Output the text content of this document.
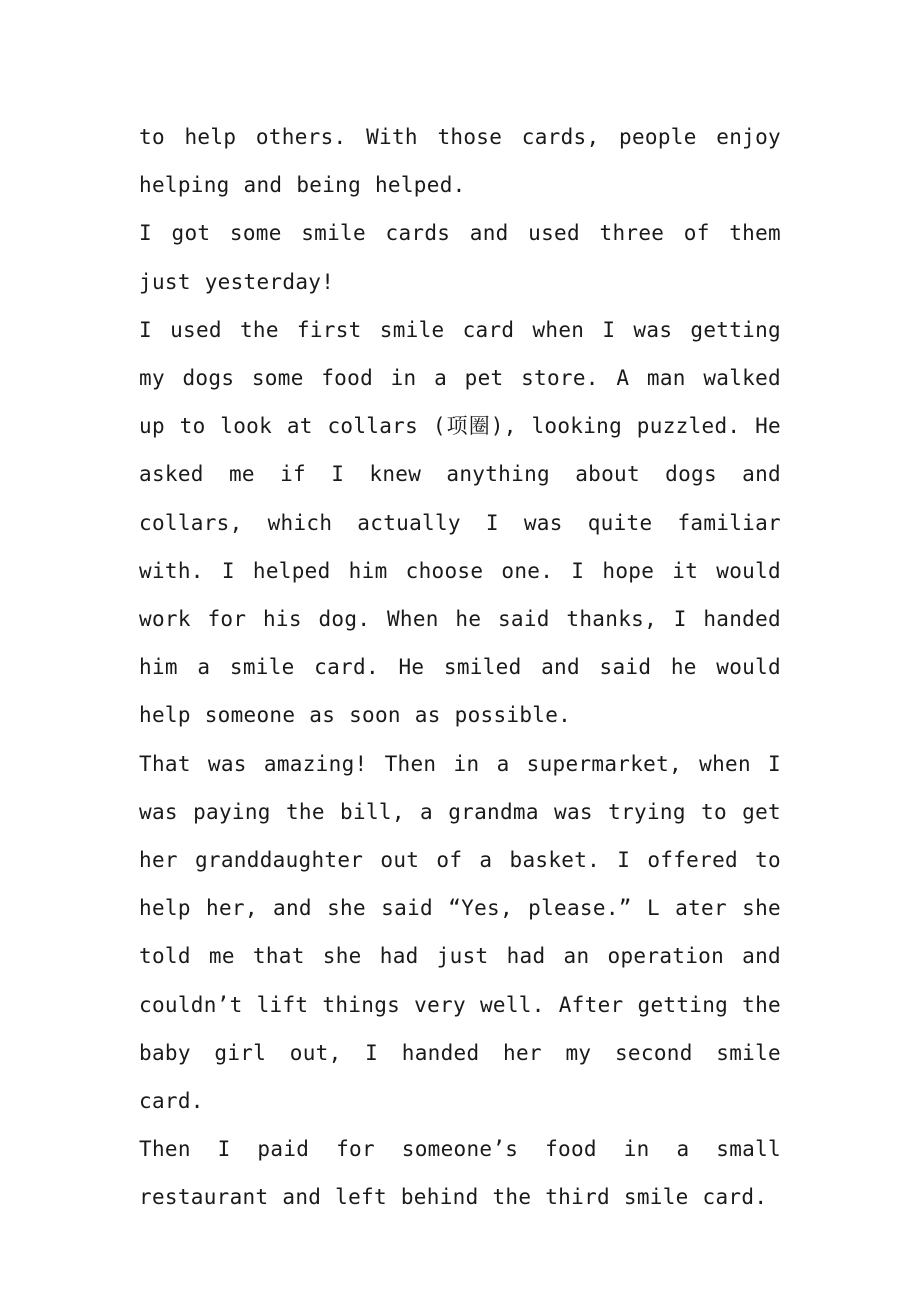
to help others. With those cards, people enjoy helping and being helped.

I got some smile cards and used three of them just yesterday!

I used the first smile card when I was getting my dogs some food in a pet store. A man walked up to look at collars (项圈), looking puzzled. He asked me if I knew anything about dogs and collars, which actually I was quite familiar with. I helped him choose one. I hope it would work for his dog. When he said thanks, I handed him a smile card. He smiled and said he would help someone as soon as possible.

That was amazing! Then in a supermarket, when I was paying the bill, a grandma was trying to get her granddaughter out of a basket. I offered to help her, and she said “Yes, please.” L ater she told me that she had just had an operation and couldn’t lift things very well. After getting the baby girl out, I handed her my second smile card.

Then I paid for someone’s food in a small restaurant and left behind the third smile card.
